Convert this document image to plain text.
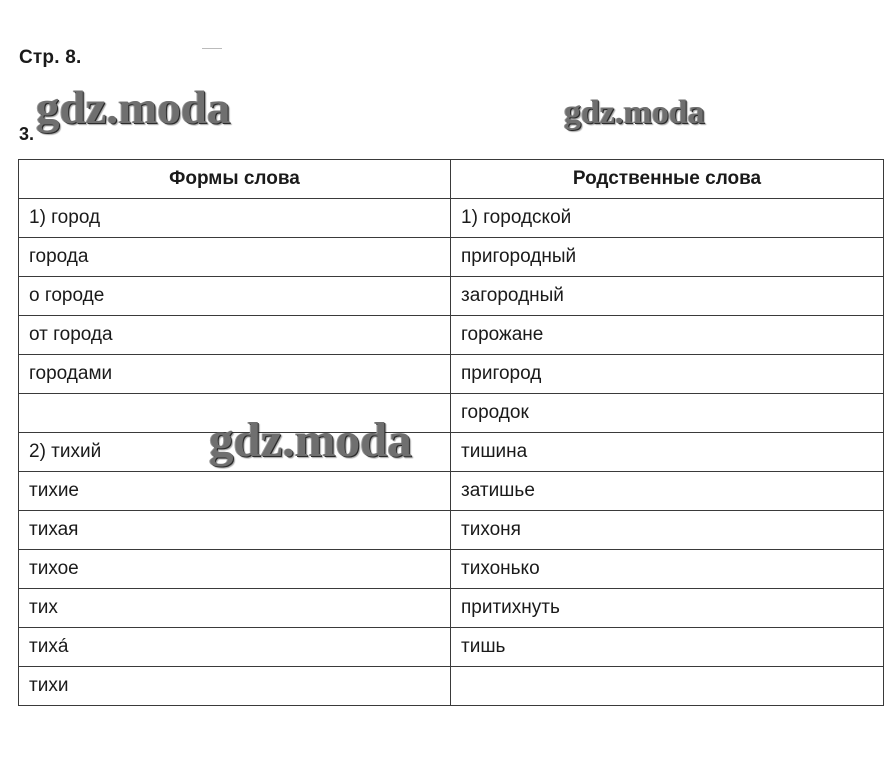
Стр. 8.
3. gdz.moda	gdz.moda
gdz.moda
Формы слова	Родственные слова
1) город	1) городской
города	пригородный
о городе	загородный
от города	горожане
городами	пригород
	городок
2) тихий	тишина
тихие	затишье
тихая	тихоня
тихое	тихонько
тих	притихнуть
тихá	тишь
тихи	
